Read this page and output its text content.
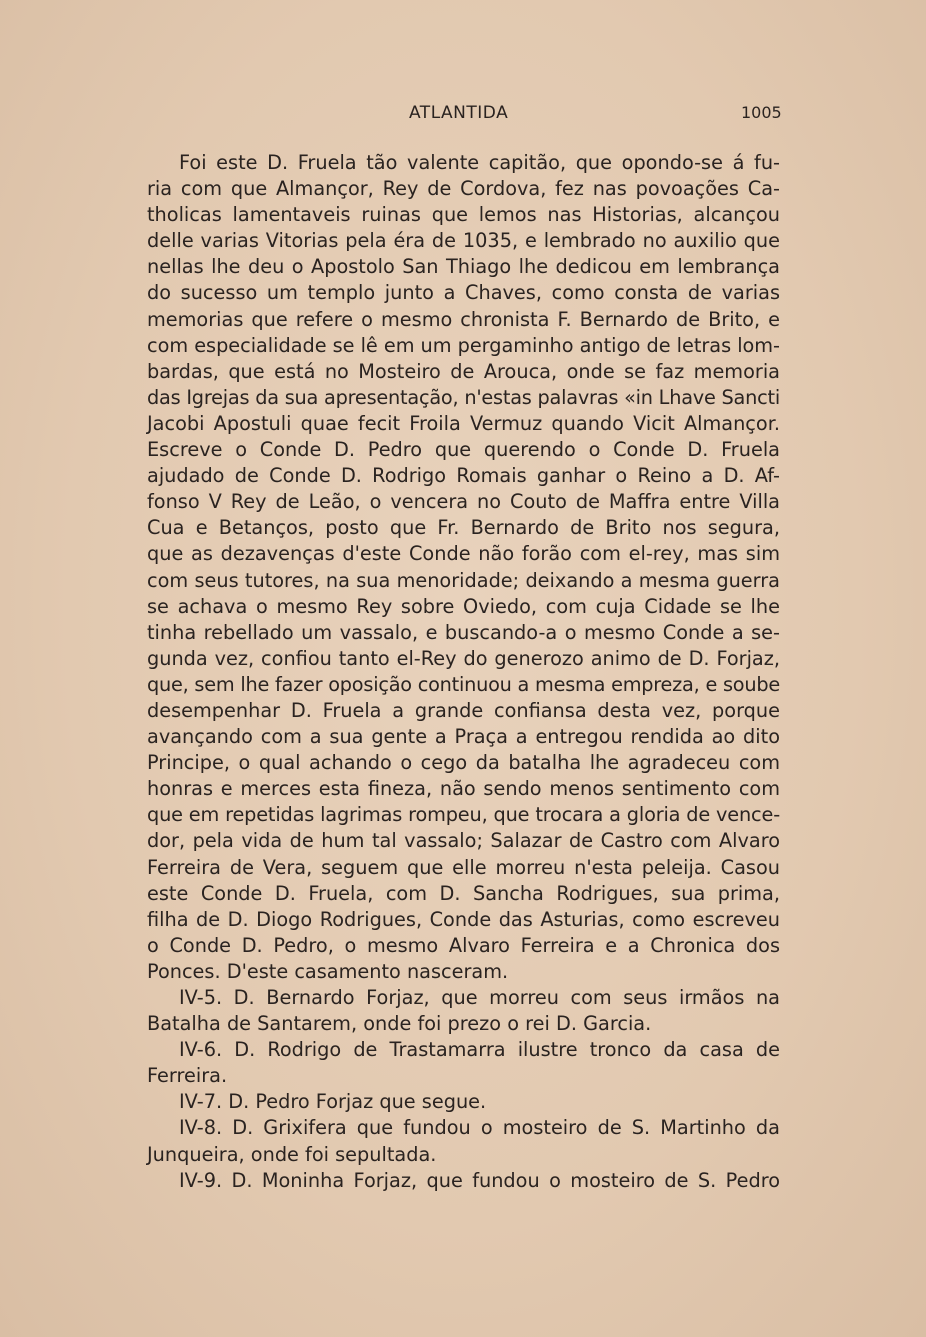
ATLANTIDA	1005
Foi este D. Fruela tão valente capitão, que opondo-se á fu-
ria com que Almançor, Rey de Cordova, fez nas povoações Ca-
tholicas lamentaveis ruinas que lemos nas Historias, alcançou
delle varias Vitorias pela éra de 1035, e lembrado no auxilio que
nellas lhe deu o Apostolo San Thiago lhe dedicou em lembrança
do sucesso um templo junto a Chaves, como consta de varias
memorias que refere o mesmo chronista F. Bernardo de Brito, e
com especialidade se lê em um pergaminho antigo de letras lom-
bardas, que está no Mosteiro de Arouca, onde se faz memoria
das Igrejas da sua apresentação, n'estas palavras «in Lhave Sancti
Jacobi Apostuli quae fecit Froila Vermuz quando Vicit Almançor.
Escreve o Conde D. Pedro que querendo o Conde D. Fruela
ajudado de Conde D. Rodrigo Romais ganhar o Reino a D. Af-
fonso V Rey de Leão, o vencera no Couto de Maffra entre Villa
Cua e Betanços, posto que Fr. Bernardo de Brito nos segura,
que as dezavenças d'este Conde não forão com el-rey, mas sim
com seus tutores, na sua menoridade; deixando a mesma guerra
se achava o mesmo Rey sobre Oviedo, com cuja Cidade se lhe
tinha rebellado um vassalo, e buscando-a o mesmo Conde a se-
gunda vez, confiou tanto el-Rey do generozo animo de D. Forjaz,
que, sem lhe fazer oposição continuou a mesma empreza, e soube
desempenhar D. Fruela a grande confiansa desta vez, porque
avançando com a sua gente a Praça a entregou rendida ao dito
Principe, o qual achando o cego da batalha lhe agradeceu com
honras e merces esta fineza, não sendo menos sentimento com
que em repetidas lagrimas rompeu, que trocara a gloria de vence-
dor, pela vida de hum tal vassalo; Salazar de Castro com Alvaro
Ferreira de Vera, seguem que elle morreu n'esta peleija. Casou
este Conde D. Fruela, com D. Sancha Rodrigues, sua prima,
filha de D. Diogo Rodrigues, Conde das Asturias, como escreveu
o Conde D. Pedro, o mesmo Alvaro Ferreira e a Chronica dos
Ponces. D'este casamento nasceram.
IV-5. D. Bernardo Forjaz, que morreu com seus irmãos na
Batalha de Santarem, onde foi prezo o rei D. Garcia.
IV-6. D. Rodrigo de Trastamarra ilustre tronco da casa de
Ferreira.
IV-7. D. Pedro Forjaz que segue.
IV-8. D. Grixifera que fundou o mosteiro de S. Martinho da
Junqueira, onde foi sepultada.
IV-9. D. Moninha Forjaz, que fundou o mosteiro de S. Pedro
